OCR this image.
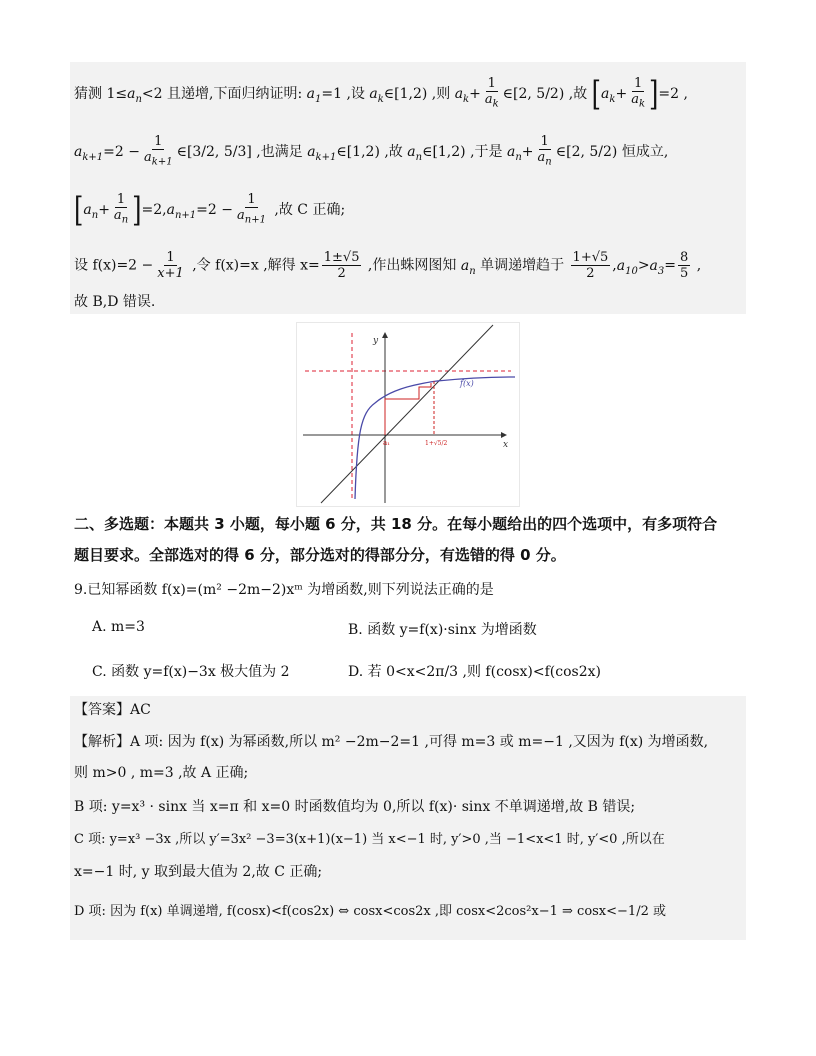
猜测 $1\le a_n<2$ 且递增,下面归纳证明: $a_1=1$ ,设 $a_k\in[1,2)$ ,则 $a_k+ \frac{1}{a_k}$ ∈[2, 5/2) ,故 $[a_k+ \frac{1}{a_k} ]=2$ ,
$a_{k+1}=2 - \frac{1}{a_{k+1}}$ ∈[3/2, 5/3] ,也满足 $a_{k+1}\in[1,2)$ ,故 $a_n\in[1,2)$ ,于是 $a_n+ \frac{1}{a_n}$ ∈[2, 5/2) 恒成立,
$[a_n+ \frac{1}{a_n} ]=2,a_{n+1}=2 - \frac{1}{a_{n+1}}$ ,故 C 正确;
设 $f(x)=2 - \frac{1}{x+1}$ ,令 f(x)=x ,解得 $x= \frac{1\pm√5}{2}$ ,作出蛛网图知 $a_n$ 单调递增趋于 $\frac{1+√5}{2} ,a_{10}>a_3= \frac{8}{5}$ ,
故 B,D 错误.
y
x
f(x)
a₁	1+√5/2
二、多选题：本题共 3 小题，每小题 6 分，共 18 分。在每小题给出的四个选项中，有多项符合
题目要求。全部选对的得 6 分，部分选对的得部分分，有选错的得 0 分。
9.已知幂函数 f(x)=(m² −2m−2)xᵐ 为增函数,则下列说法正确的是
A. m=3	B. 函数 y=f(x)·sinx 为增函数
C. 函数 y=f(x)−3x 极大值为 2	D. 若 0<x<2π/3 ,则 f(cosx)<f(cos2x)
【答案】AC
【解析】A 项: 因为 f(x) 为幂函数,所以 m² −2m−2=1 ,可得 m=3 或 m=−1 ,又因为 f(x) 为增函数,
则 m>0 , m=3 ,故 A 正确;
B 项: y=x³ · sinx 当 x=π 和 x=0 时函数值均为 0,所以 f(x)· sinx 不单调递增,故 B 错误;
C 项: y=x³ −3x ,所以 y′=3x² −3=3(x+1)(x−1) 当 x<−1 时, y′>0 ,当 −1<x<1 时, y′<0 ,所以在
x=−1 时, y 取到最大值为 2,故 C 正确;
D 项: 因为 f(x) 单调递增, f(cosx)<f(cos2x) ⇔ cosx<cos2x ,即 cosx<2cos²x−1 ⇒ cosx<−1/2 或
